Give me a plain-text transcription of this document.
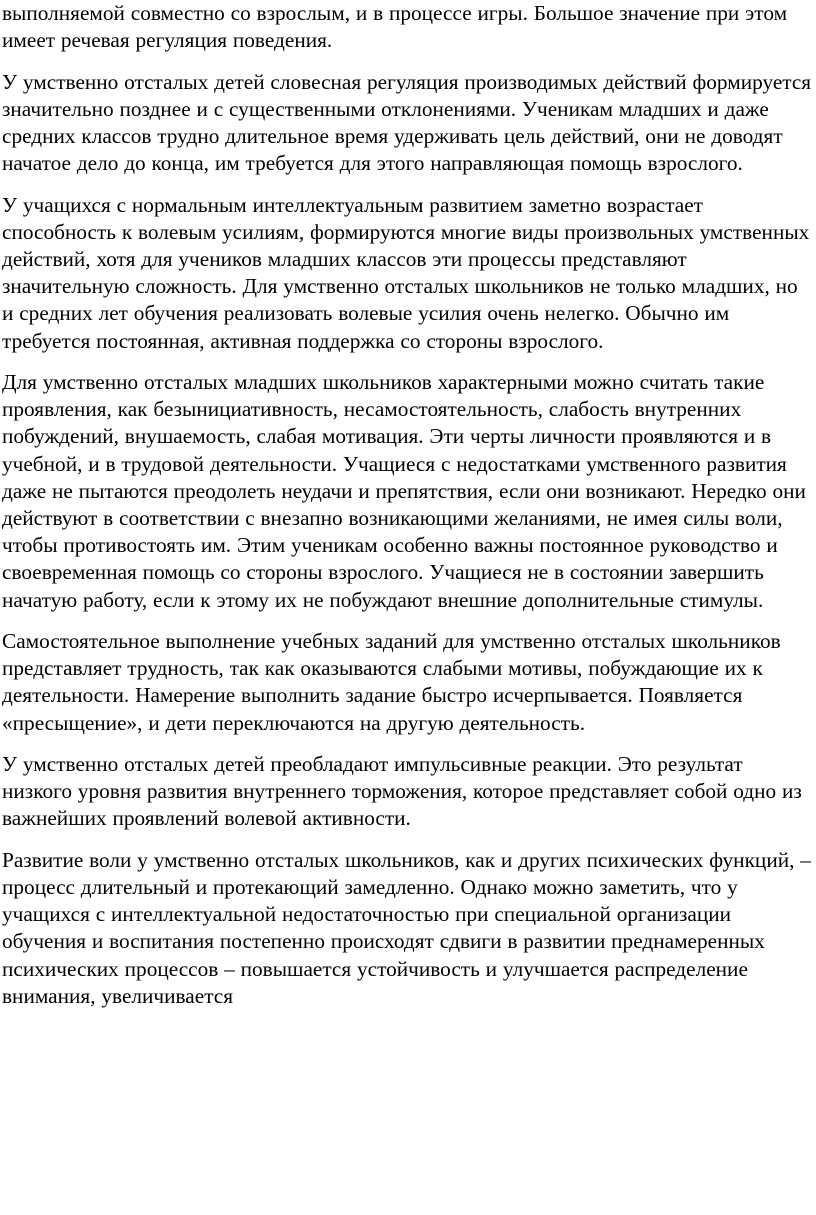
выполняемой совместно со взрослым, и в процессе игры. Большое значение при этом имеет речевая регуляция поведения.

У умственно отсталых детей словесная регуляция производимых действий формируется значительно позднее и с существенными отклонениями. Ученикам младших и даже средних классов трудно длительное время удерживать цель действий, они не доводят начатое дело до конца, им требуется для этого направляющая помощь взрослого.

У учащихся с нормальным интеллектуальным развитием заметно возрастает способность к волевым усилиям, формируются многие виды произвольных умственных действий, хотя для учеников младших классов эти процессы представляют значительную сложность. Для умственно отсталых школьников не только младших, но и средних лет обучения реализовать волевые усилия очень нелегко. Обычно им требуется постоянная, активная поддержка со стороны взрослого.

Для умственно отсталых младших школьников характерными можно считать такие проявления, как безынициативность, несамостоятельность, слабость внутренних побуждений, внушаемость, слабая мотивация. Эти черты личности проявляются и в учебной, и в трудовой деятельности. Учащиеся с недостатками умственного развития даже не пытаются преодолеть неудачи и препятствия, если они возникают. Нередко они действуют в соответствии с внезапно возникающими желаниями, не имея силы воли, чтобы противостоять им. Этим ученикам особенно важны постоянное руководство и своевременная помощь со стороны взрослого. Учащиеся не в состоянии завершить начатую работу, если к этому их не побуждают внешние дополнительные стимулы.

Самостоятельное выполнение учебных заданий для умственно отсталых школьников представляет трудность, так как оказываются слабыми мотивы, побуждающие их к деятельности. Намерение выполнить задание быстро исчерпывается. Появляется «пресыщение», и дети переключаются на другую деятельность.

У умственно отсталых детей преобладают импульсивные реакции. Это результат низкого уровня развития внутреннего торможения, которое представляет собой одно из важнейших проявлений волевой активности.

Развитие воли у умственно отсталых школьников, как и других психических функций, – процесс длительный и протекающий замедленно. Однако можно заметить, что у учащихся с интеллектуальной недостаточностью при специальной организации обучения и воспитания постепенно происходят сдвиги в развитии преднамеренных психических процессов – повышается устойчивость и улучшается распределение внимания, увеличивается
